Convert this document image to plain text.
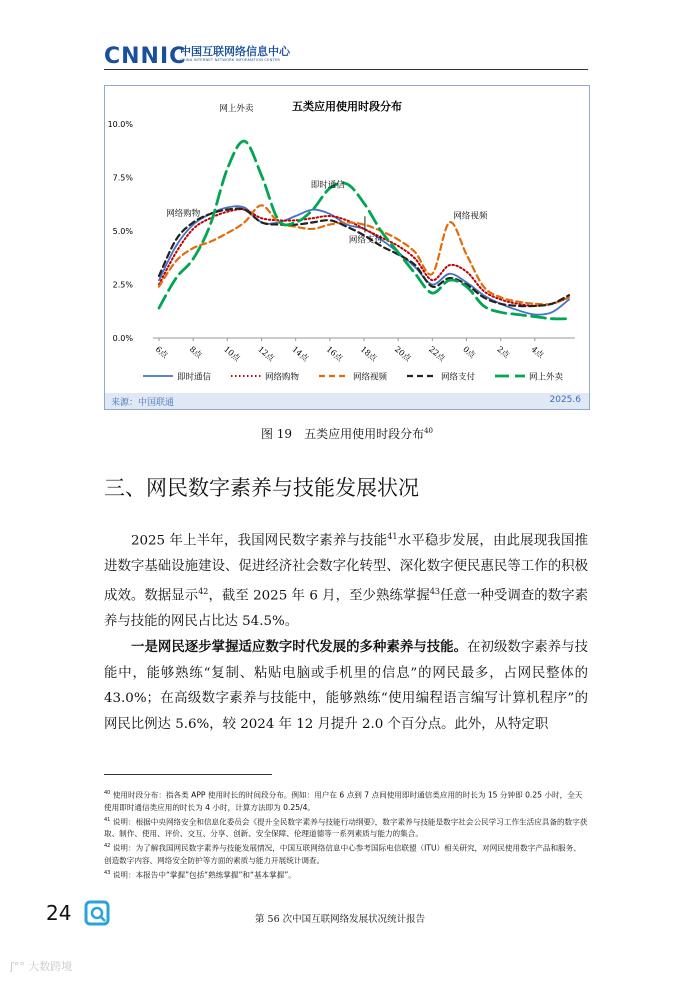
CNNIC
中国互联网络信息中心
CHINA INTERNET NETWORK INFORMATION CENTER
五类应用使用时段分布
0.0%
2.5%
5.0%
7.5%
10.0%
6点 8点 10点 12点 14点 16点 18点 20点 22点 0点 2点 4点
网上外卖
即时通信
网络购物	网络视频
网络支付
即时通信	网络购物	网络视频	网络支付	网上外卖
来源：中国联通	2025.6
图 19　五类应用使用时段分布$^{40}$
三、网民数字素养与技能发展状况
2025 年上半年，我国网民数字素养与技能$^{41}$水平稳步发展，由此展现我国推进数字基础设施建设、促进经济社会数字化转型、深化数字便民惠民等工作的积极成效。数据显示$^{42}$，截至 2025 年 6 月，至少熟练掌握$^{43}$任意一种受调查的数字素养与技能的网民占比达 54.5%。
一是网民逐步掌握适应数字时代发展的多种素养与技能。在初级数字素养与技能中，能够熟练“复制、粘贴电脑或手机里的信息”的网民最多，占网民整体的 43.0%；在高级数字素养与技能中，能够熟练“使用编程语言编写计算机程序”的网民比例达 5.6%，较 2024 年 12 月提升 2.0 个百分点。此外，从特定职

$^{40}$ 使用时段分布：指各类 APP 使用时长的时间段分布。例如：用户在 6 点到 7 点间使用即时通信类应用的时长为 15 分钟即 0.25 小时，全天使用即时通信类应用的时长为 4 小时，计算方法即为 0.25/4。

$^{41}$ 说明：根据中央网络安全和信息化委员会《提升全民数字素养与技能行动纲要》，数字素养与技能是数字社会公民学习工作生活应具备的数字获取、制作、使用、评价、交互、分享、创新、安全保障、伦理道德等一系列素质与能力的集合。

$^{42}$ 说明：为了解我国网民数字素养与技能发展情况，中国互联网络信息中心参考国际电信联盟（ITU）相关研究，对网民使用数字产品和服务、创造数字内容、网络安全防护等方面的素质与能力开展统计调查。

$^{43}$ 说明：本报告中“掌握”包括“熟练掌握”和“基本掌握”。

24	第 56 次中国互联网络发展状况统计报告
ʃ°° 大数跨境
